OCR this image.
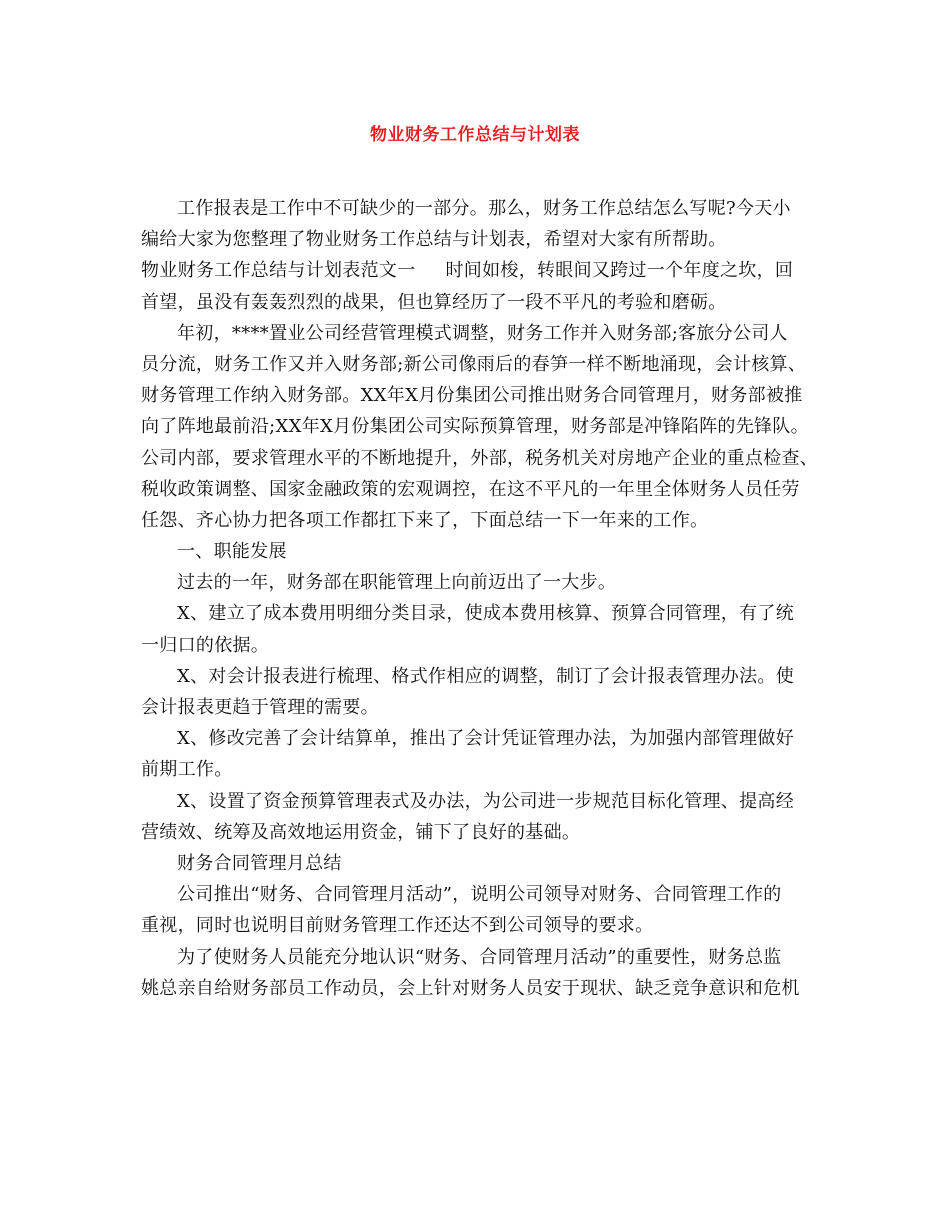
物业财务工作总结与计划表
工作报表是工作中不可缺少的一部分。那么，财务工作总结怎么写呢?今天小
编给大家为您整理了物业财务工作总结与计划表，希望对大家有所帮助。
物业财务工作总结与计划表范文一 时间如梭，转眼间又跨过一个年度之坎，回
首望，虽没有轰轰烈烈的战果，但也算经历了一段不平凡的考验和磨砺。
年初，****置业公司经营管理模式调整，财务工作并入财务部;客旅分公司人
员分流，财务工作又并入财务部;新公司像雨后的春笋一样不断地涌现，会计核算、
财务管理工作纳入财务部。XX年X月份集团公司推出财务合同管理月，财务部被推
向了阵地最前沿;XX年X月份集团公司实际预算管理，财务部是冲锋陷阵的先锋队。
公司内部，要求管理水平的不断地提升，外部，税务机关对房地产企业的重点检查、
税收政策调整、国家金融政策的宏观调控，在这不平凡的一年里全体财务人员任劳
任怨、齐心协力把各项工作都扛下来了，下面总结一下一年来的工作。
一、职能发展
过去的一年，财务部在职能管理上向前迈出了一大步。
X、建立了成本费用明细分类目录，使成本费用核算、预算合同管理，有了统
一归口的依据。
X、对会计报表进行梳理、格式作相应的调整，制订了会计报表管理办法。使
会计报表更趋于管理的需要。
X、修改完善了会计结算单，推出了会计凭证管理办法，为加强内部管理做好
前期工作。
X、设置了资金预算管理表式及办法，为公司进一步规范目标化管理、提高经
营绩效、统筹及高效地运用资金，铺下了良好的基础。
财务合同管理月总结
公司推出“财务、合同管理月活动”，说明公司领导对财务、合同管理工作的
重视，同时也说明目前财务管理工作还达不到公司领导的要求。
为了使财务人员能充分地认识“财务、合同管理月活动”的重要性，财务总监
姚总亲自给财务部员工作动员，会上针对财务人员安于现状、缺乏竞争意识和危机
